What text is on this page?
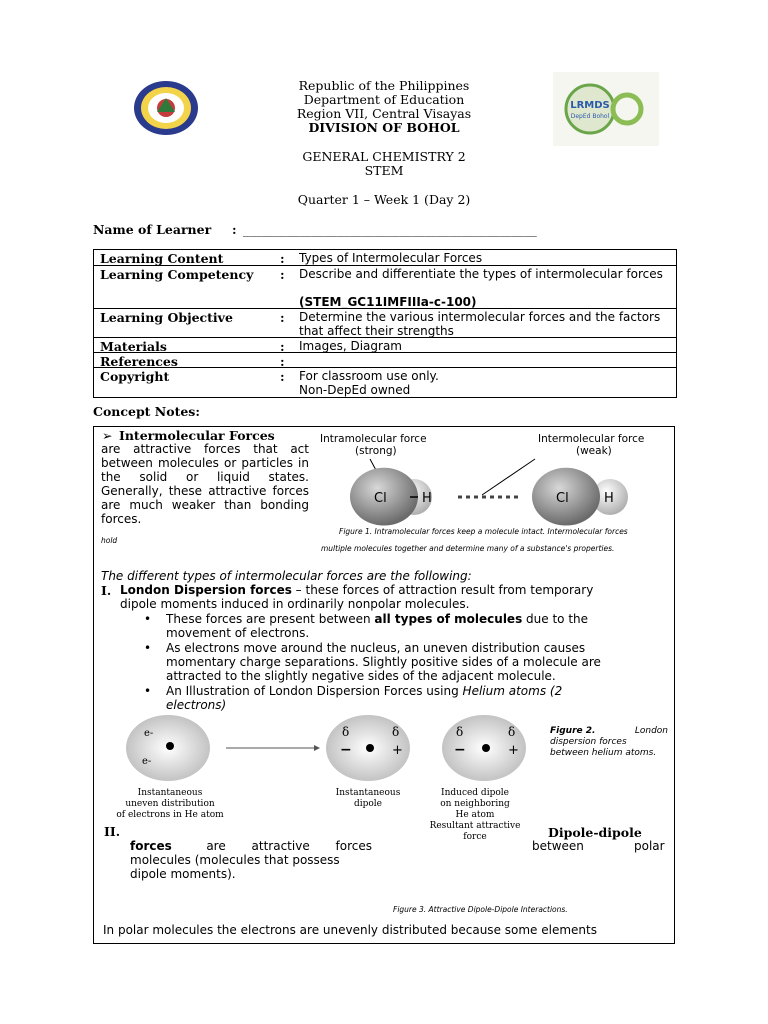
LRMDS
DepEd Bohol
Republic of the Philippines
Department of Education
Region VII, Central Visayas
DIVISION OF BOHOL
GENERAL CHEMISTRY 2
STEM
Quarter 1 – Week 1 (Day 2)
Name of Learner : _______________________________________________
Learning Content	: Types of Intermolecular Forces
Learning Competency : Describe and differentiate the types of intermolecular forces
(STEM_GC11IMFIIIa-c-100)
Learning Objective	: Determine the various intermolecular forces and the factors that affect their strengths
Materials	: Images, Diagram
References	:
Copyright	: For classroom use only.
Non-DepEd owned
Concept Notes:
➢ Intermolecular Forces
are attractive forces that act between molecules or particles in the solid or liquid states. Generally, these attractive forces are much weaker than bonding forces.
hold
Intramolecular force
(strong)
Intermolecular force
(weak)
Cl	H	Cl	H
Figure 1. Intramolecular forces keep a molecule intact. Intermolecular forces
multiple molecules together and determine many of a substance's properties.
The different types of intermolecular forces are the following:
I. London Dispersion forces – these forces of attraction result from temporary
dipole moments induced in ordinarily nonpolar molecules.
• These forces are present between all types of molecules due to the
movement of electrons.
• As electrons move around the nucleus, an uneven distribution causes
momentary charge separations. Slightly positive sides of a molecule are
attracted to the slightly negative sides of the adjacent molecule.
• An Illustration of London Dispersion Forces using Helium atoms (2
electrons)
e-
e-
δ	δ
−	+
δ	δ
−	+
Instantaneous
uneven distribution
of electrons in He atom
Instantaneous
dipole
Induced dipole
on neighboring
He atom
Resultant attractive
force
Figure 2.	London
dispersion forces
between helium atoms.
II.	Dipole-dipole
forces	are attractive forces	between	polar
molecules (molecules that possess
dipole moments).
Figure 3. Attractive Dipole-Dipole Interactions.
In polar molecules the electrons are unevenly distributed because some elements
